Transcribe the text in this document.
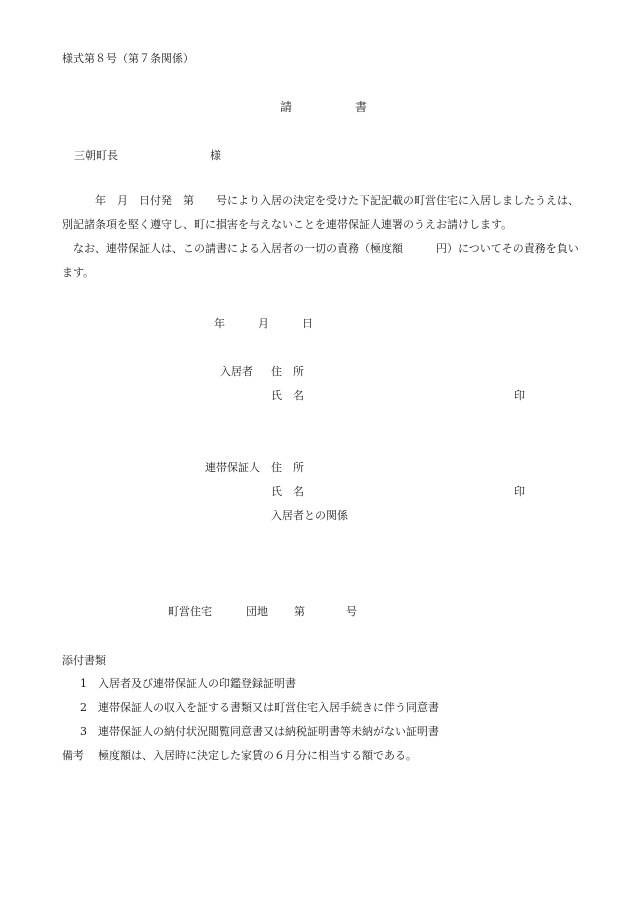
様式第８号（第７条関係）
請	書
三朝町長	様
　　　年　月　日付発　第　　号により入居の決定を受けた下記記載の町営住宅に入居しましたうえは、
別記諸条項を堅く遵守し、町に損害を与えないことを連帯保証人連署のうえお請けします。
　なお、連帯保証人は、この請書による入居者の一切の責務（極度額　　　円）についてその責務を負い
ます。
年	月	日
入居者 住　所
氏　名	印
連帯保証人 住　所
氏　名	印
入居者との関係
町営住宅	団地 第	号
添付書類
1 入居者及び連帯保証人の印鑑登録証明書
2 連帯保証人の収入を証する書類又は町営住宅入居手続きに伴う同意書
3 連帯保証人の納付状況閲覧同意書又は納税証明書等未納がない証明書
備考 極度額は、入居時に決定した家賃の６月分に相当する額である。
